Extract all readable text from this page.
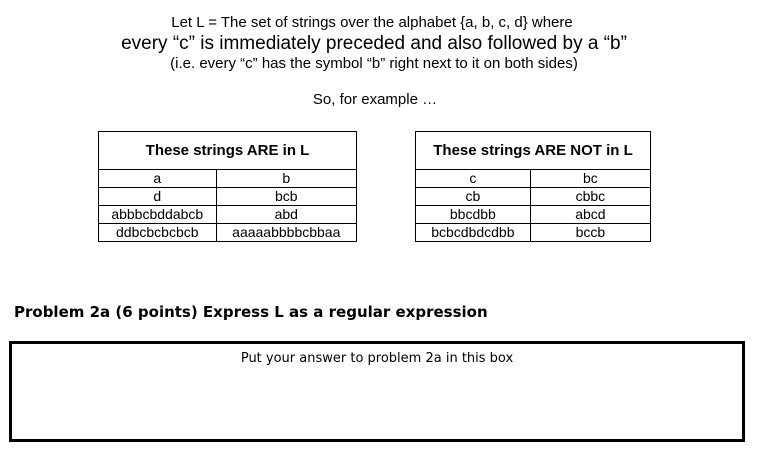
Let L = The set of strings over the alphabet {a, b, c, d} where
every “c” is immediately preceded and also followed by a “b”
(i.e. every “c” has the symbol “b” right next to it on both sides)
So, for example …
These strings ARE in L	
a	b
d	bcb
abbbcbddabcb	abd
ddbcbcbcbcb	aaaaabbbbcbbaa
These strings ARE NOT in L	
c	bc
cb	cbbc
bbcdbb	abcd
bcbcdbdcdbb	bccb
Problem 2a (6 points) Express L as a regular expression
Put your answer to problem 2a in this box
